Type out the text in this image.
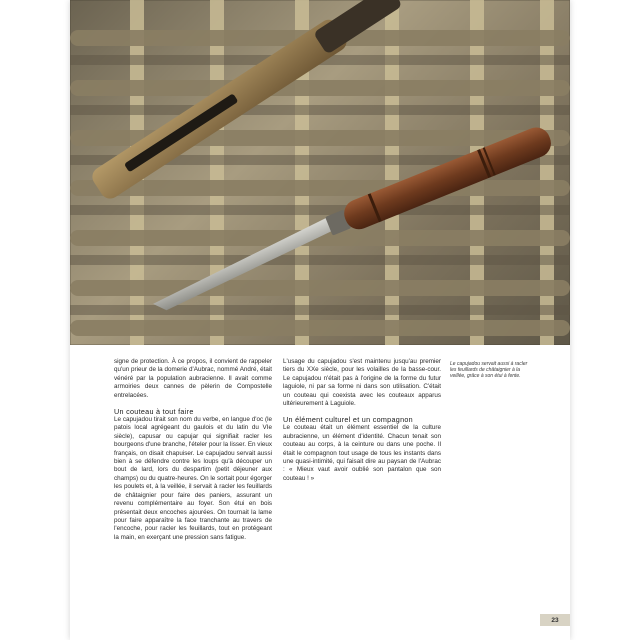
signe de protection. À ce propos, il convient de rappeler qu'un prieur de la domerie d'Aubrac, nommé André, était vénéré par la population aubracienne. Il avait comme armoiries deux cannes de pèlerin de Compostelle entrelacées.

Un couteau à tout faire

Le capujadou tirait son nom du verbe, en langue d'oc (le patois local agrégeant du gaulois et du latin du VIe siècle), capusar ou capujar qui signifiait racler les bourgeons d'une branche, l'ételer pour la lisser. En vieux français, on disait chapuiser. Le capujadou servait aussi bien à se défendre contre les loups qu'à découper un bout de lard, lors du despartim (petit déjeuner aux champs) ou du quatre-heures. On le sortait pour égorger les poulets et, à la veillée, il servait à racler les feuillards de châtaignier pour faire des paniers, assurant un revenu complémentaire au foyer. Son étui en bois présentait deux encoches ajourées. On tournait la lame pour faire apparaître la face tranchante au travers de l'encoche, pour racler les feuillards, tout en protégeant la main, en exerçant une pression sans fatigue.

L'usage du capujadou s'est maintenu jusqu'au premier tiers du XXe siècle, pour les volailles de la basse-cour. Le capujadou n'était pas à l'origine de la forme du futur laguiole, ni par sa forme ni dans son utilisation. C'était un couteau qui coexista avec les couteaux apparus ultérieurement à Laguiole.

Un élément culturel et un compagnon

Le couteau était un élément essentiel de la culture aubracienne, un élément d'identité. Chacun tenait son couteau au corps, à la ceinture ou dans une poche. Il était le compagnon tout usage de tous les instants dans une quasi-intimité, qui faisait dire au paysan de l'Aubrac : « Mieux vaut avoir oublié son pantalon que son couteau ! »

Le capujadou servait aussi à racler les feuillards de châtaignier à la veillée, grâce à son étui à fente.
23
